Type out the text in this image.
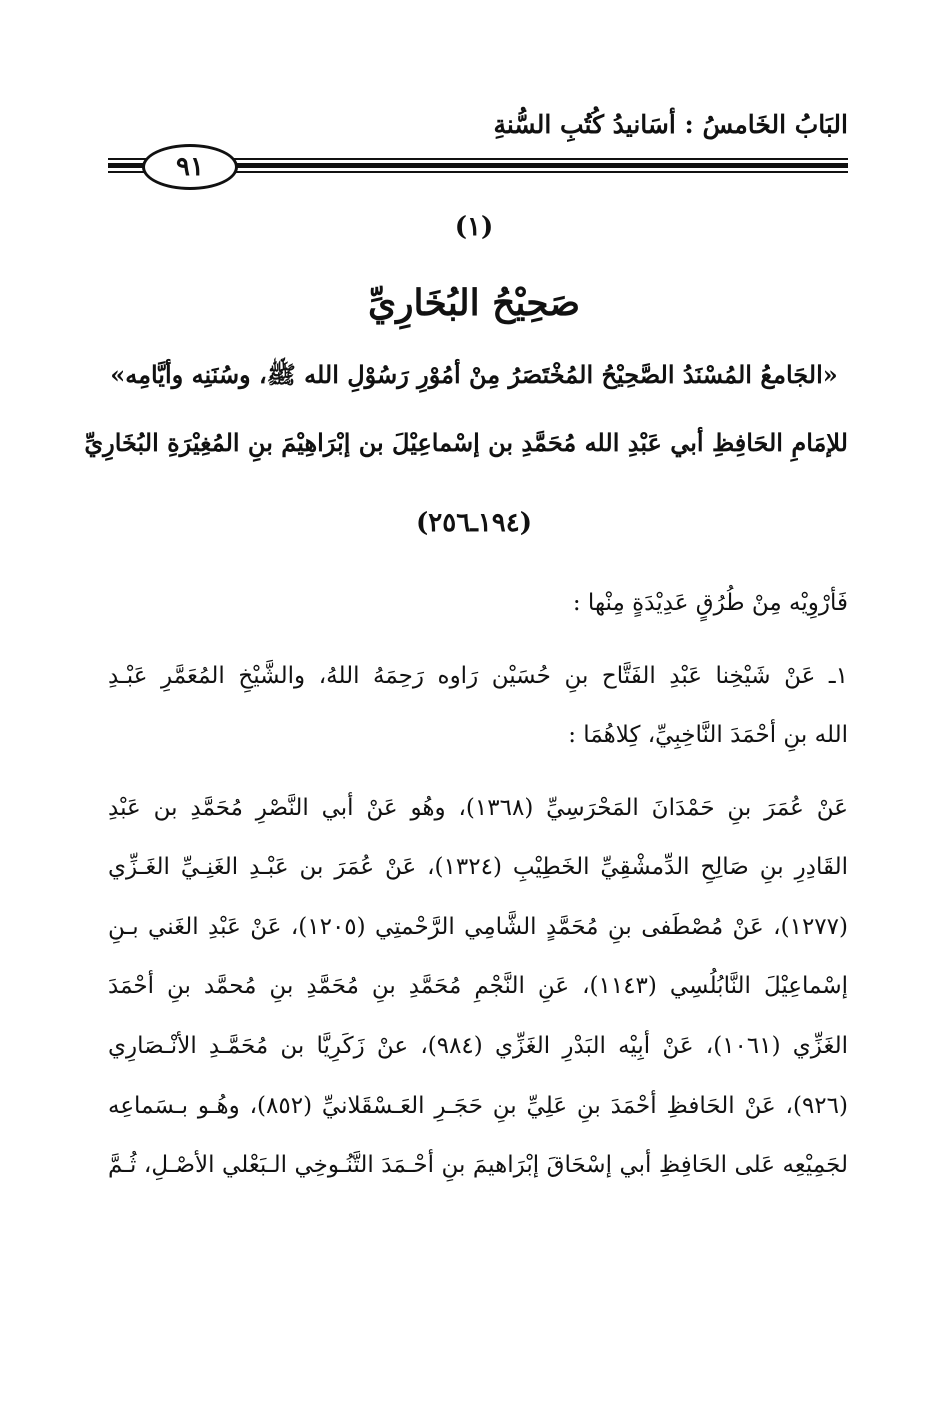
البَابُ الخَامسُ : أسَانيدُ كُتُبِ السُّنةِ
٩١
(١)
صَحِيْحُ البُخَارِيِّ
«الجَامعُ المُسْنَدُ الصَّحِيْحُ المُخْتَصَرُ مِنْ أمُوْرِ رَسُوْلِ الله ﷺ، وسُنَنِه وأيَّامِه»
للإمَامِ الحَافِظِ أبي عَبْدِ الله مُحَمَّدِ بن إسْماعِيْلَ بن إبْرَاهِيْمَ بنِ المُغِيْرَةِ البُخَارِيِّ
(١٩٤ـ٢٥٦)
فَأرْوِيْه مِنْ طُرُقٍ عَدِيْدَةٍ مِنْها :
١ـ عَنْ شَيْخِنا عَبْدِ الفَتَّاح بنِ حُسَيْن رَاوه رَحِمَهُ اللهُ، والشَّيْخِ المُعَمَّرِ عَبْـدِ
الله بنِ أحْمَدَ النَّاخِبِيِّ، كِلاهُمَا :
عَنْ عُمَرَ بنِ حَمْدَانَ المَحْرَسِيِّ (١٣٦٨)، وهُو عَنْ أبي النَّصْرِ مُحَمَّدِ بن عَبْدِ
القَادِرِ بنِ صَالِحِ الدِّمشْقِيِّ الخَطِيْبِ (١٣٢٤)، عَنْ عُمَرَ بن عَبْـدِ الغَنِـيِّ الغَـزِّي
(١٢٧٧)، عَنْ مُصْطَفى بنِ مُحَمَّدٍ الشَّامِي الرَّحْمتِي (١٢٠٥)، عَنْ عَبْدِ الغَني بـنِ
إسْماعِيْلَ النَّابُلُسِي (١١٤٣)، عَنِ النَّجْمِ مُحَمَّدِ بنِ مُحَمَّدِ بنِ مُحمَّد بنِ أحْمَدَ
الغَزِّي (١٠٦١)، عَنْ أبِيْه البَدْرِ الغَزِّي (٩٨٤)، عنْ زَكَرِيَّا بن مُحَمَّـدِ الأنْـصَارِي
(٩٢٦)، عَنْ الحَافظِ أحْمَدَ بنِ عَلِيِّ بنِ حَجَـرِ العَـسْقَلانيِّ (٨٥٢)، وهُـو بـسَماعِه
لجَمِيْعِه عَلى الحَافِظِ أبي إسْحَاقَ إبْرَاهيمَ بنِ أحْـمَدَ التَّنُـوخِي الـبَعْلي الأصْـلِ، ثُـمَّ
